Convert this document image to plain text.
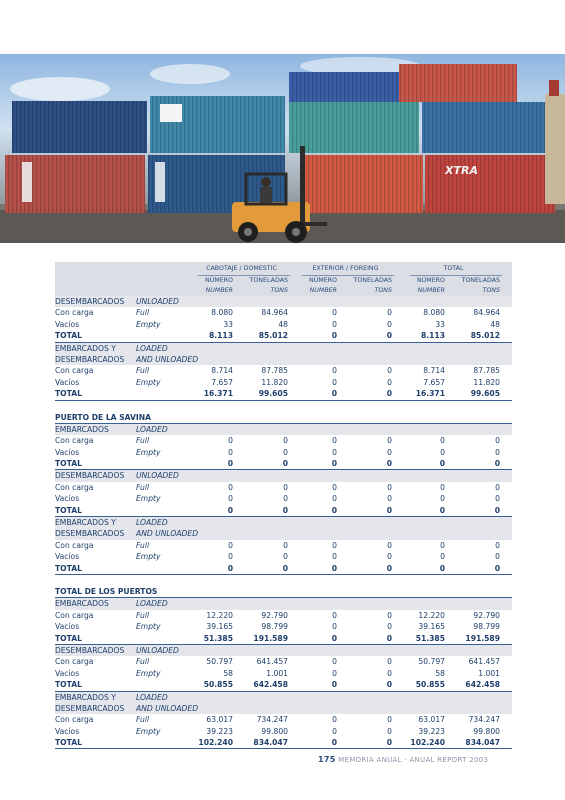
XTRA
CABOTAJE / DOMESTIC	EXTERIOR / FOREING	TOTAL
NÚMERO	TONELADAS	NÚMERO	TONELADAS	NÚMERO	TONELADAS
NUMBER	TONS	NUMBER	TONS	NUMBER	TONS
DESEMBARCADOS UNLOADED
Con carga	Full	8.080	84.964	0	0	8.080	84.964
Vacíos	Empty	33	48	0	0	33	48
TOTAL	8.113	85.012	0	0	8.113	85.012
EMBARCADOS Y	LOADED
DESEMBARCADOS AND UNLOADED
Con carga	Full	8.714	87.785	0	0	8.714	87.785
Vacíos	Empty	7.657	11.820	0	0	7.657	11.820
TOTAL	16.371	99.605	0	0	16.371	99.605
PUERTO DE LA SAVINA
EMBARCADOS	LOADED
Con carga	Full	0	0	0	0	0	0
Vacíos	Empty	0	0	0	0	0	0
TOTAL	0	0	0	0	0	0
DESEMBARCADOS UNLOADED
Con carga	Full	0	0	0	0	0	0
Vacíos	Empty	0	0	0	0	0	0
TOTAL	0	0	0	0	0	0
EMBARCADOS Y	LOADED
DESEMBARCADOS AND UNLOADED
Con carga	Full	0	0	0	0	0	0
Vacíos	Empty	0	0	0	0	0	0
TOTAL	0	0	0	0	0	0
TOTAL DE LOS PUERTOS
EMBARCADOS	LOADED
Con carga	Full	12.220	92.790	0	0	12.220	92.790
Vacíos	Empty	39.165	98.799	0	0	39.165	98.799
TOTAL	51.385	191.589	0	0	51.385	191.589
DESEMBARCADOS UNLOADED
Con carga	Full	50.797	641.457	0	0	50.797	641.457
Vacíos	Empty	58	1.001	0	0	58	1.001
TOTAL	50.855	642.458	0	0	50.855	642.458
EMBARCADOS Y	LOADED
DESEMBARCADOS AND UNLOADED
Con carga	Full	63.017	734.247	0	0	63.017	734.247
Vacíos	Empty	39.223	99.800	0	0	39.223	99.800
TOTAL	102.240	834.047	0	0	102.240	834.047
175 MEMORIA ANUAL · ANUAL REPORT 2003
